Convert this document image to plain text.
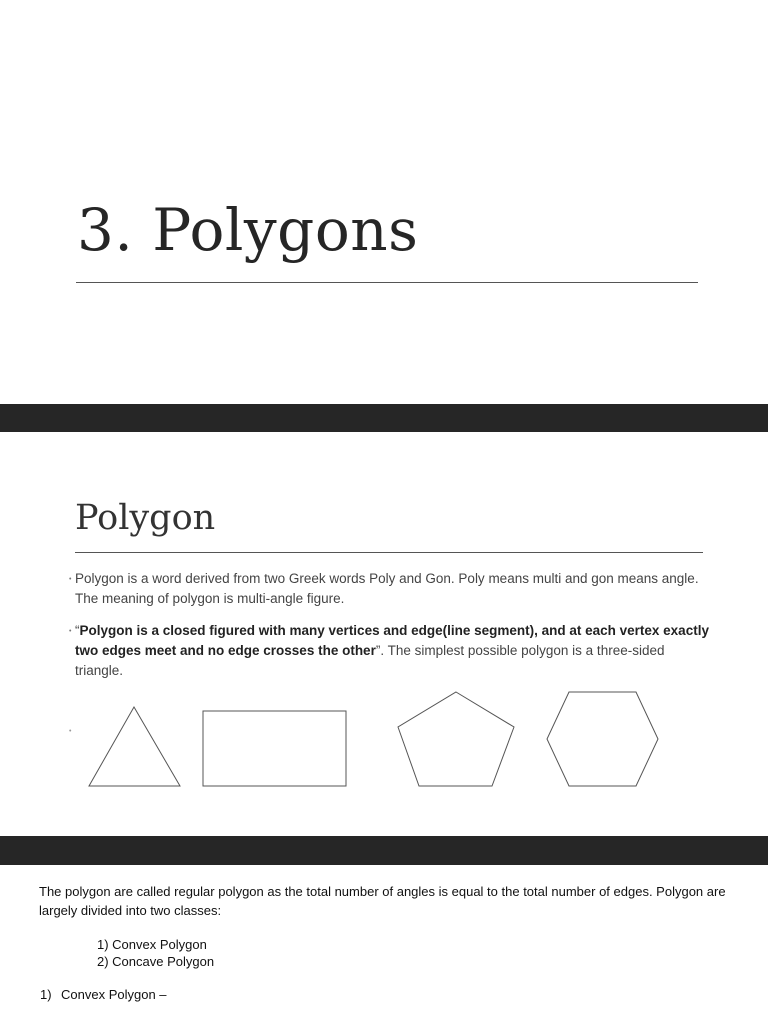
3. Polygons
Polygon
• Polygon is a word derived from two Greek words Poly and Gon. Poly means multi and gon means angle. The meaning of polygon is multi-angle figure.
• “Polygon is a closed figured with many vertices and edge(line segment), and at each vertex exactly two edges meet and no edge crosses the other”. The simplest possible polygon is a three-sided triangle.
•

The polygon are called regular polygon as the total number of angles is equal to the total number of edges. Polygon are largely divided into two classes:

1) Convex Polygon
2) Concave Polygon
1) Convex Polygon –
